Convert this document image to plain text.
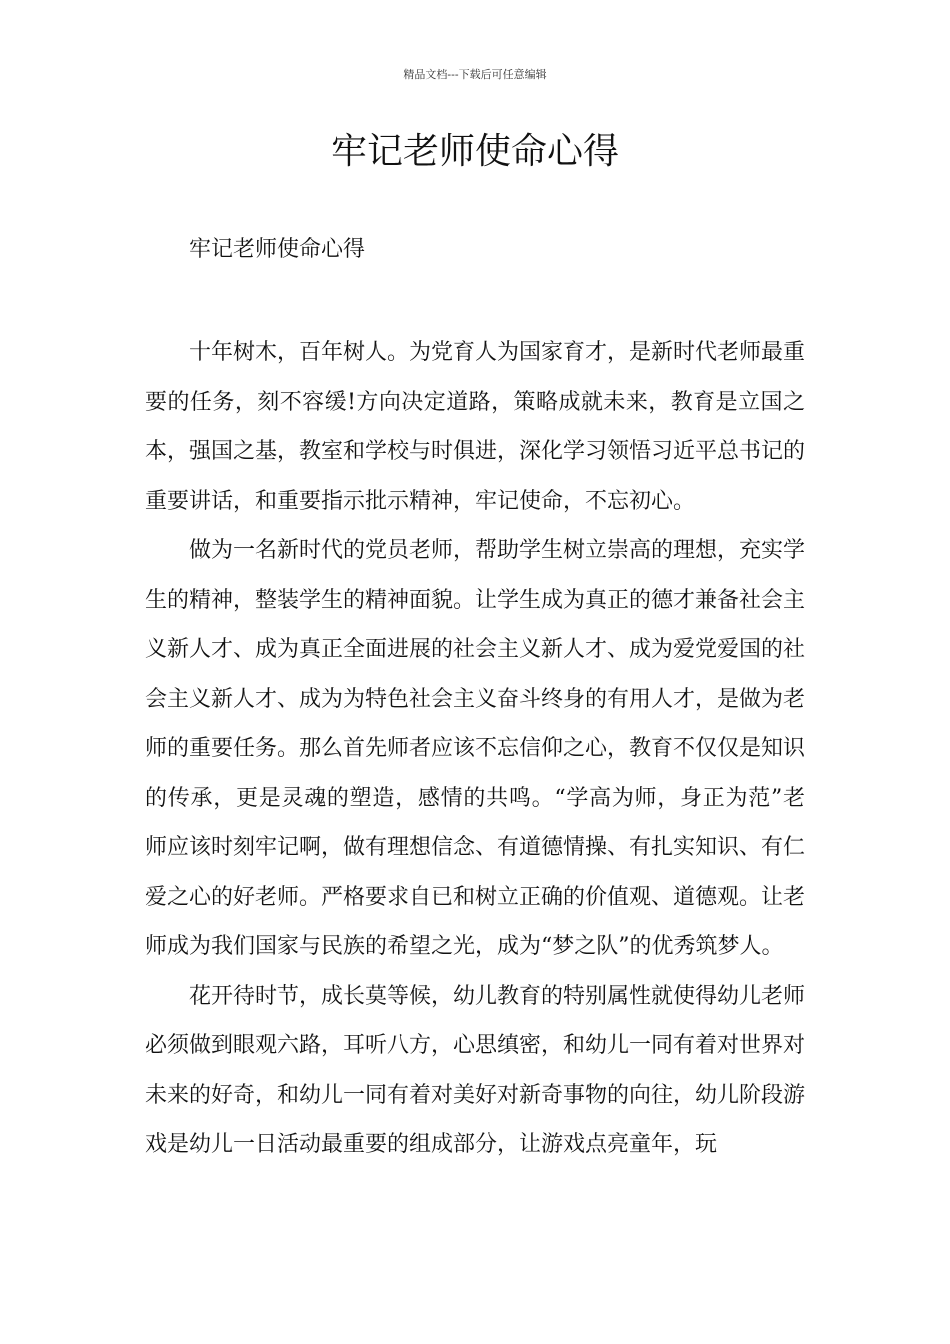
精品文档---下载后可任意编辑
牢记老师使命心得
牢记老师使命心得

十年树木，百年树人。为党育人为国家育才，是新时代老师最重要的任务，刻不容缓!方向决定道路，策略成就未来，教育是立国之本，强国之基，教室和学校与时俱进，深化学习领悟习近平总书记的重要讲话，和重要指示批示精神，牢记使命，不忘初心。

做为一名新时代的党员老师，帮助学生树立崇高的理想，充实学生的精神，整装学生的精神面貌。让学生成为真正的德才兼备社会主义新人才、成为真正全面进展的社会主义新人才、成为爱党爱国的社会主义新人才、成为为特色社会主义奋斗终身的有用人才，是做为老师的重要任务。那么首先师者应该不忘信仰之心，教育不仅仅是知识的传承，更是灵魂的塑造，感情的共鸣。“学高为师，身正为范”老师应该时刻牢记啊，做有理想信念、有道德情操、有扎实知识、有仁爱之心的好老师。严格要求自已和树立正确的价值观、道德观。让老师成为我们国家与民族的希望之光，成为“梦之队”的优秀筑梦人。

花开待时节，成长莫等候，幼儿教育的特别属性就使得幼儿老师必须做到眼观六路，耳听八方，心思缜密，和幼儿一同有着对世界对未来的好奇，和幼儿一同有着对美好对新奇事物的向往，幼儿阶段游戏是幼儿一日活动最重要的组成部分，让游戏点亮童年，玩
